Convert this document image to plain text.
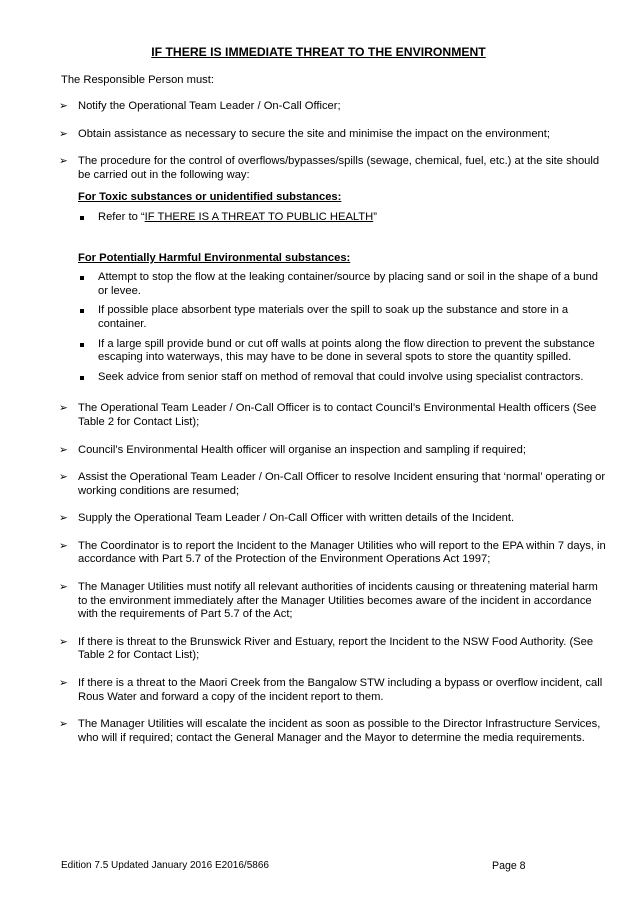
IF THERE IS IMMEDIATE THREAT TO THE ENVIRONMENT
The Responsible Person must:
➢ Notify the Operational Team Leader / On-Call Officer;
➢ Obtain assistance as necessary to secure the site and minimise the impact on the environment;
➢ The procedure for the control of overflows/bypasses/spills (sewage, chemical, fuel, etc.) at the site should be carried out in the following way:
For Toxic substances or unidentified substances:
Refer to “IF THERE IS A THREAT TO PUBLIC HEALTH”
For Potentially Harmful Environmental substances:
Attempt to stop the flow at the leaking container/source by placing sand or soil in the shape of a bund or levee.
If possible place absorbent type materials over the spill to soak up the substance and store in a container.
If a large spill provide bund or cut off walls at points along the flow direction to prevent the substance escaping into waterways, this may have to be done in several spots to store the quantity spilled.
Seek advice from senior staff on method of removal that could involve using specialist contractors.
➢ The Operational Team Leader / On-Call Officer is to contact Council’s Environmental Health officers (See Table 2 for Contact List);
➢ Council’s Environmental Health officer will organise an inspection and sampling if required;
➢ Assist the Operational Team Leader / On-Call Officer to resolve Incident ensuring that ‘normal’ operating or working conditions are resumed;
➢ Supply the Operational Team Leader / On-Call Officer with written details of the Incident.
➢ The Coordinator is to report the Incident to the Manager Utilities who will report to the EPA within 7 days, in accordance with Part 5.7 of the Protection of the Environment Operations Act 1997;
➢ The Manager Utilities must notify all relevant authorities of incidents causing or threatening material harm to the environment immediately after the Manager Utilities becomes aware of the incident in accordance with the requirements of Part 5.7 of the Act;
➢ If there is threat to the Brunswick River and Estuary, report the Incident to the NSW Food Authority. (See Table 2 for Contact List);
➢ If there is a threat to the Maori Creek from the Bangalow STW including a bypass or overflow incident, call Rous Water and forward a copy of the incident report to them.
➢ The Manager Utilities will escalate the incident as soon as possible to the Director Infrastructure Services, who will if required; contact the General Manager and the Mayor to determine the media requirements.
Edition 7.5 Updated January 2016 E2016/5866	Page 8
